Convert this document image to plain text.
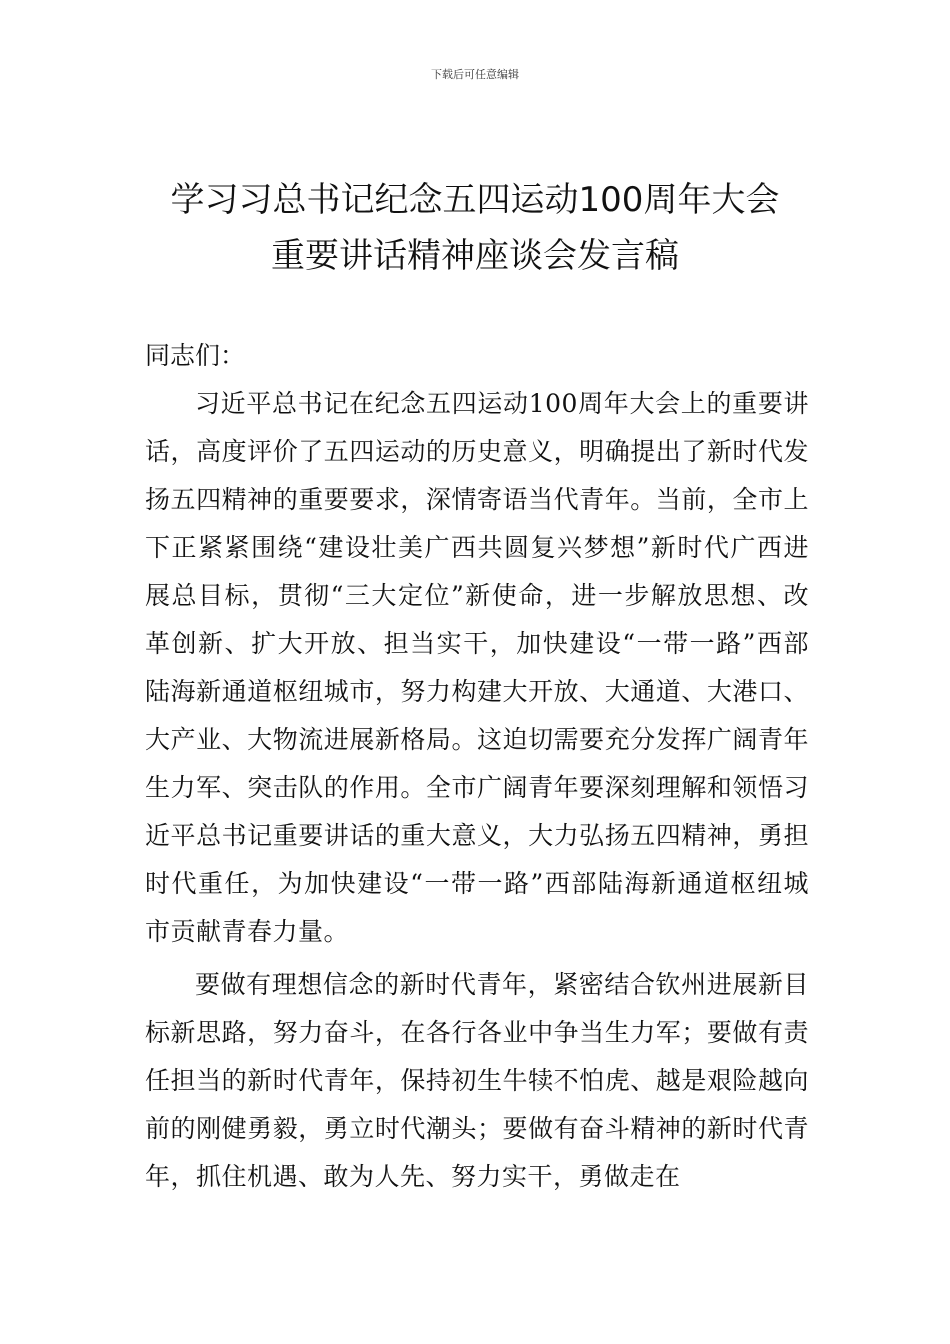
下载后可任意编辑
学习习总书记纪念五四运动100周年大会
重要讲话精神座谈会发言稿

同志们：

习近平总书记在纪念五四运动100周年大会上的重要讲话，高度评价了五四运动的历史意义，明确提出了新时代发扬五四精神的重要要求，深情寄语当代青年。当前，全市上下正紧紧围绕“建设壮美广西共圆复兴梦想”新时代广西进展总目标，贯彻“三大定位”新使命，进一步解放思想、改革创新、扩大开放、担当实干，加快建设“一带一路”西部陆海新通道枢纽城市，努力构建大开放、大通道、大港口、大产业、大物流进展新格局。这迫切需要充分发挥广阔青年生力军、突击队的作用。全市广阔青年要深刻理解和领悟习近平总书记重要讲话的重大意义，大力弘扬五四精神，勇担时代重任，为加快建设“一带一路”西部陆海新通道枢纽城市贡献青春力量。

要做有理想信念的新时代青年，紧密结合钦州进展新目标新思路，努力奋斗，在各行各业中争当生力军；要做有责任担当的新时代青年，保持初生牛犊不怕虎、越是艰险越向前的刚健勇毅，勇立时代潮头；要做有奋斗精神的新时代青年，抓住机遇、敢为人先、努力实干，勇做走在
